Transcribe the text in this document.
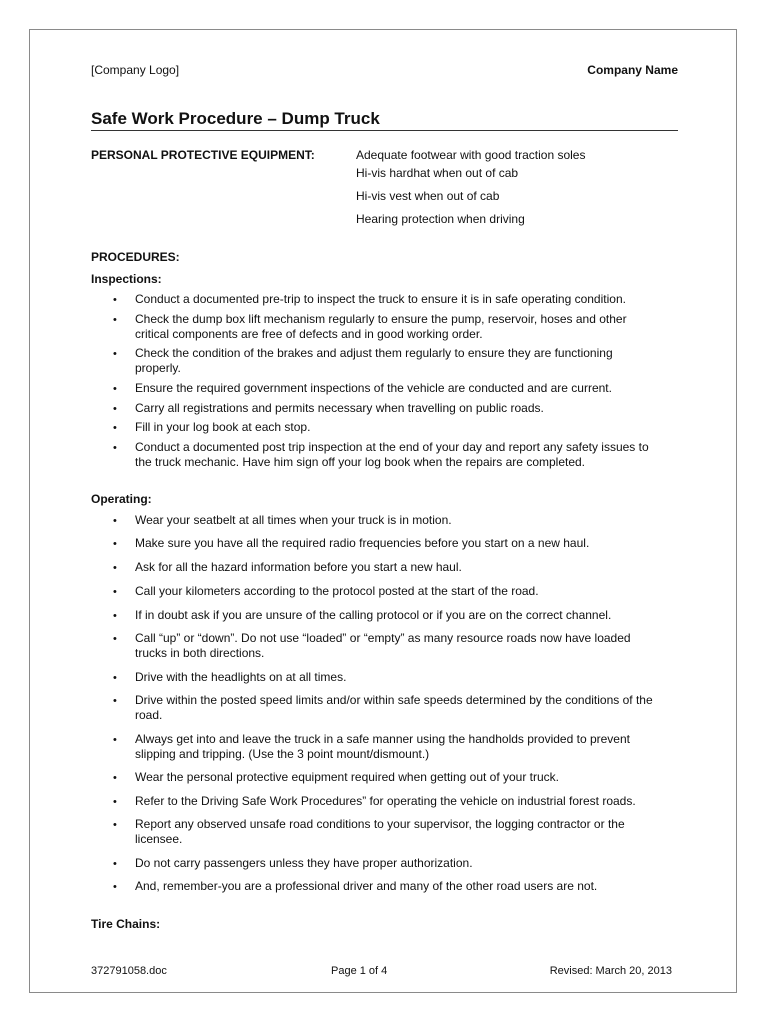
[Company Logo]	Company Name
Safe Work Procedure – Dump Truck
PERSONAL PROTECTIVE EQUIPMENT:	Adequate footwear with good traction soles
Hi-vis hardhat when out of cab
Hi-vis vest when out of cab
Hearing protection when driving
PROCEDURES:
Inspections:
• Conduct a documented pre-trip to inspect the truck to ensure it is in safe operating condition.
• Check the dump box lift mechanism regularly to ensure the pump, reservoir, hoses and other
critical components are free of defects and in good working order.
• Check the condition of the brakes and adjust them regularly to ensure they are functioning
properly.
• Ensure the required government inspections of the vehicle are conducted and are current.
• Carry all registrations and permits necessary when travelling on public roads.
• Fill in your log book at each stop.
• Conduct a documented post trip inspection at the end of your day and report any safety issues to
the truck mechanic. Have him sign off your log book when the repairs are completed.
Operating:
• Wear your seatbelt at all times when your truck is in motion.
• Make sure you have all the required radio frequencies before you start on a new haul.
• Ask for all the hazard information before you start a new haul.
• Call your kilometers according to the protocol posted at the start of the road.
• If in doubt ask if you are unsure of the calling protocol or if you are on the correct channel.
• Call “up” or “down”. Do not use “loaded” or “empty” as many resource roads now have loaded
trucks in both directions.
• Drive with the headlights on at all times.
• Drive within the posted speed limits and/or within safe speeds determined by the conditions of the
road.
• Always get into and leave the truck in a safe manner using the handholds provided to prevent
slipping and tripping. (Use the 3 point mount/dismount.)
• Wear the personal protective equipment required when getting out of your truck.
• Refer to the Driving Safe Work Procedures” for operating the vehicle on industrial forest roads.
• Report any observed unsafe road conditions to your supervisor, the logging contractor or the
licensee.
• Do not carry passengers unless they have proper authorization.
• And, remember-you are a professional driver and many of the other road users are not.
Tire Chains:
372791058.doc	Page 1 of 4	Revised: March 20, 2013
